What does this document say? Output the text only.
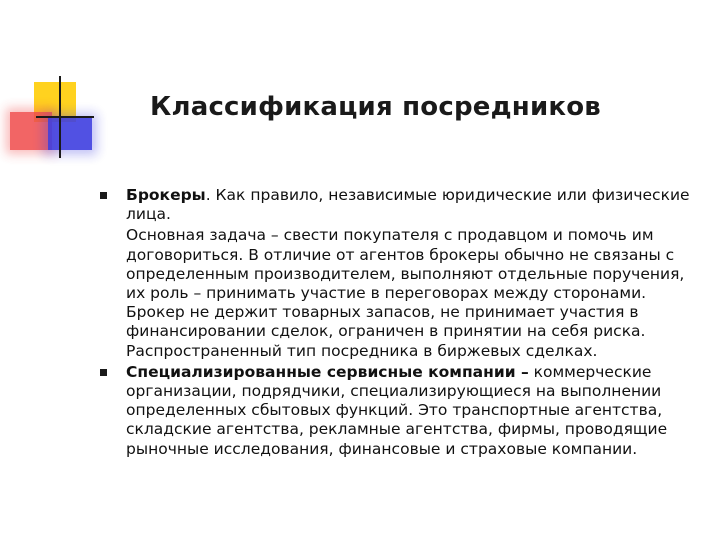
Классификация посредников
Брокеры. Как правило, независимые юридические или физические лица.
Основная задача – свести покупателя с продавцом и помочь им договориться. В отличие от агентов брокеры обычно не связаны с определенным производителем, выполняют отдельные поручения, их роль – принимать участие в переговорах между сторонами. Брокер не держит товарных запасов, не принимает участия в финансировании сделок, ограничен в принятии на себя риска. Распространенный тип посредника в биржевых сделках.
Специализированные сервисные компании – коммерческие организации, подрядчики, специализирующиеся на выполнении определенных сбытовых функций. Это транспортные агентства, складские агентства, рекламные агентства, фирмы, проводящие рыночные исследования, финансовые и страховые компании.
